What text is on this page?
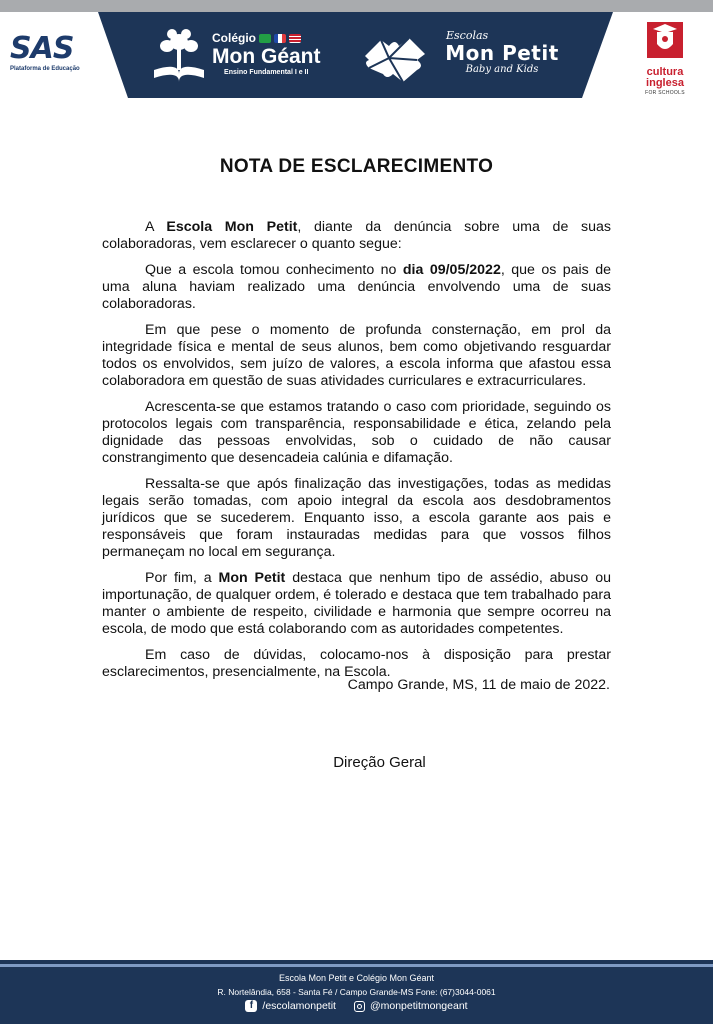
SAS
Plataforma de Educação
Colégio
Mon Géant
Ensino Fundamental I e II
Escolas
Mon Petit
Baby and Kids	cultura
inglesa
FOR SCHOOLS
NOTA DE ESCLARECIMENTO

A Escola Mon Petit, diante da denúncia sobre uma de suas colaboradoras, vem esclarecer o quanto segue:

Que a escola tomou conhecimento no dia 09/05/2022, que os pais de uma aluna haviam realizado uma denúncia envolvendo uma de suas colaboradoras.

Em que pese o momento de profunda consternação, em prol da integridade física e mental de seus alunos, bem como objetivando resguardar todos os envolvidos, sem juízo de valores, a escola informa que afastou essa colaboradora em questão de suas atividades curriculares e extracurriculares.

Acrescenta-se que estamos tratando o caso com prioridade, seguindo os protocolos legais com transparência, responsabilidade e ética, zelando pela dignidade das pessoas envolvidas, sob o cuidado de não causar constrangimento que desencadeia calúnia e difamação.

Ressalta-se que após finalização das investigações, todas as medidas legais serão tomadas, com apoio integral da escola aos desdobramentos jurídicos que se sucederem. Enquanto isso, a escola garante aos pais e responsáveis que foram instauradas medidas para que vossos filhos permaneçam no local em segurança.

Por fim, a Mon Petit destaca que nenhum tipo de assédio, abuso ou importunação, de qualquer ordem, é tolerado e destaca que tem trabalhado para manter o ambiente de respeito, civilidade e harmonia que sempre ocorreu na escola, de modo que está colaborando com as autoridades competentes.

Em caso de dúvidas, colocamo-nos à disposição para prestar esclarecimentos, presencialmente, na Escola.

Campo Grande, MS, 11 de maio de 2022.
Direção Geral
Escola Mon Petit e Colégio Mon Géant
R. Nortelândia, 658 - Santa Fé / Campo Grande-MS Fone: (67)3044-0061
f /escolamonpetit	@monpetitmongeant
